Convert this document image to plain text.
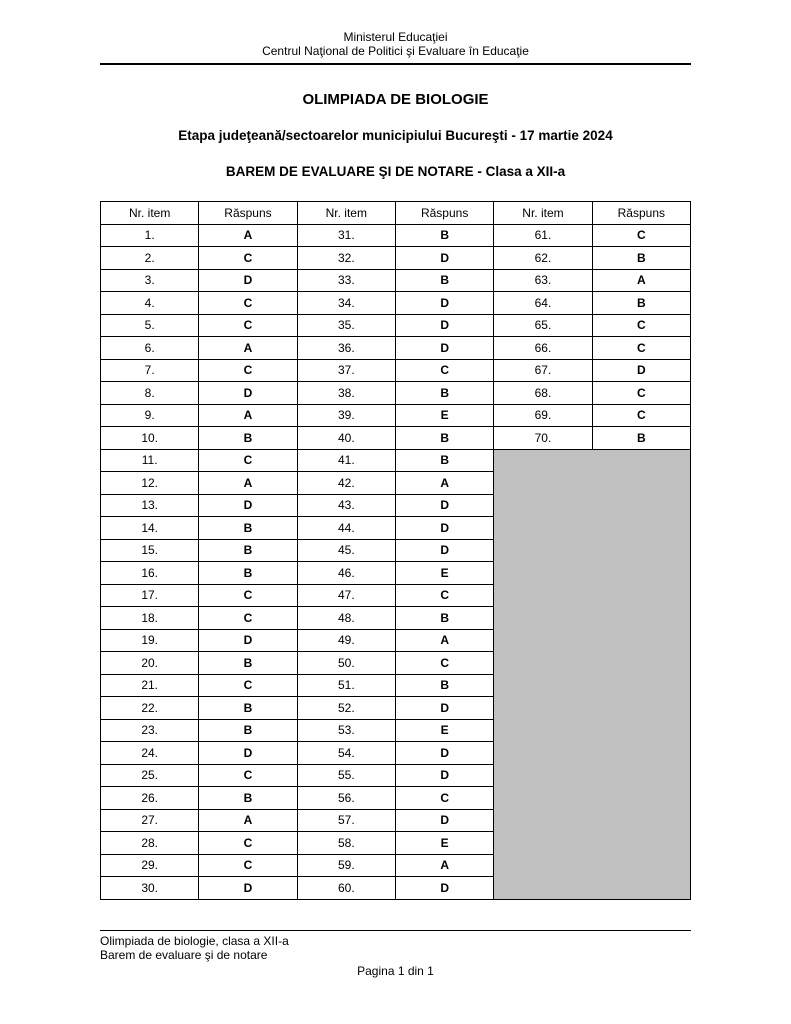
Ministerul Educaţiei
Centrul Naţional de Politici şi Evaluare în Educaţie
OLIMPIADA DE BIOLOGIE
Etapa judeţeană/sectoarelor municipiului Bucureşti - 17 martie 2024
BAREM DE EVALUARE ŞI DE NOTARE - Clasa a XII-a
Nr. item	Răspuns	Nr. item	Răspuns	Nr. item	Răspuns
1.	A	31.	B	61.	C
2.	C	32.	D	62.	B
3.	D	33.	B	63.	A
4.	C	34.	D	64.	B
5.	C	35.	D	65.	C
6.	A	36.	D	66.	C
7.	C	37.	C	67.	D
8.	D	38.	B	68.	C
9.	A	39.	E	69.	C
10.	B	40.	B	70.	B
11.	C	41.	B		
12.	A	42.	A		
13.	D	43.	D		
14.	B	44.	D		
15.	B	45.	D		
16.	B	46.	E		
17.	C	47.	C		
18.	C	48.	B		
19.	D	49.	A		
20.	B	50.	C		
21.	C	51.	B		
22.	B	52.	D		
23.	B	53.	E		
24.	D	54.	D		
25.	C	55.	D		
26.	B	56.	C		
27.	A	57.	D		
28.	C	58.	E		
29.	C	59.	A		
30.	D	60.	D		
Olimpiada de biologie, clasa a XII-a
Barem de evaluare şi de notare
Pagina 1 din 1
